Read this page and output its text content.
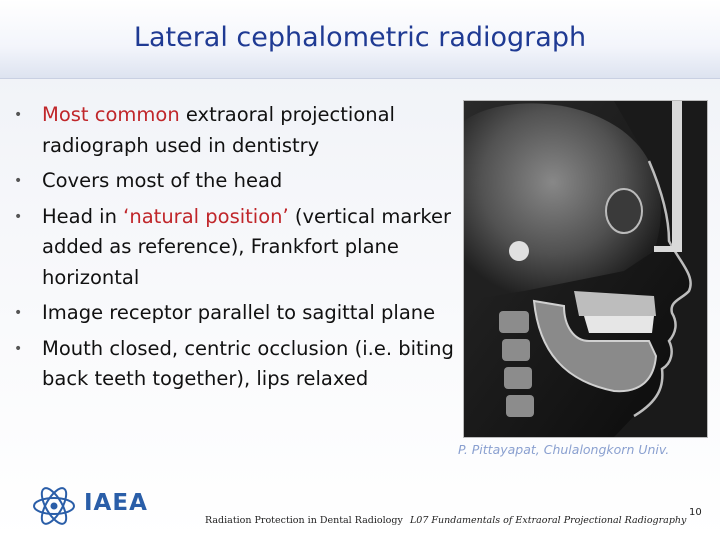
Lateral cephalometric radiograph
• Most common extraoral projectional radiograph used in dentistry
• Covers most of the head
• Head in ‘natural position’ (vertical marker added as reference), Frankfort plane horizontal
• Image receptor parallel to sagittal plane
• Mouth closed, centric occlusion (i.e. biting back teeth together), lips relaxed
P. Pittayapat, Chulalongkorn Univ.
IAEA
Radiation Protection in Dental Radiology L07 Fundamentals of Extraoral Projectional Radiography
10
